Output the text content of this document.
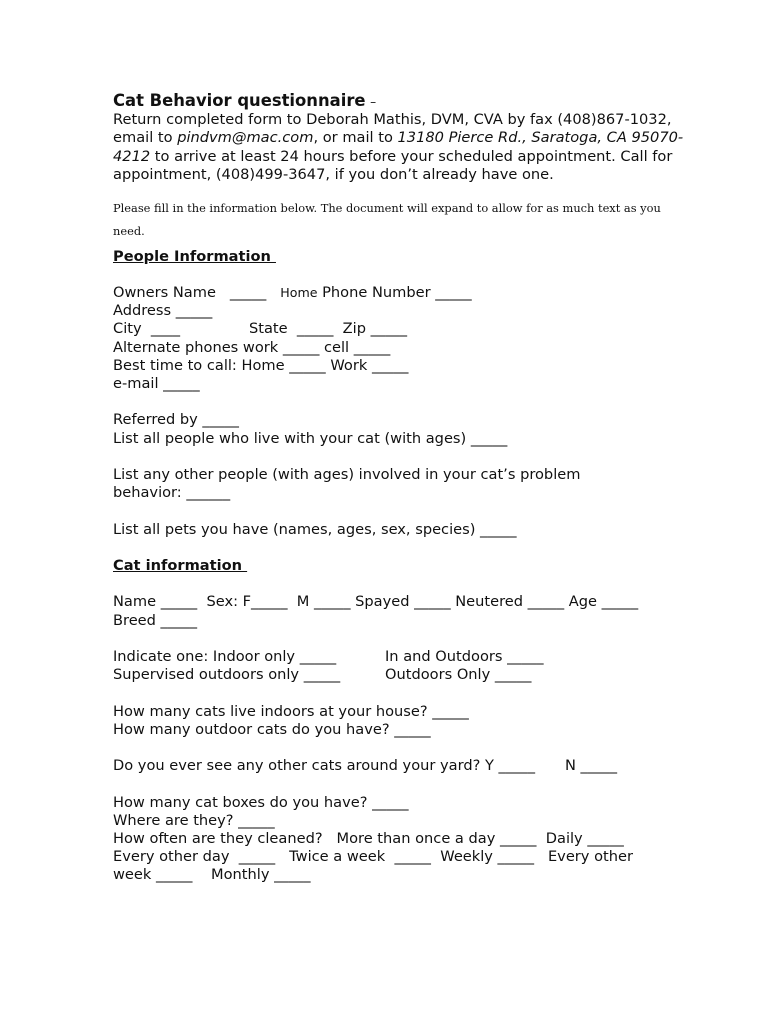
Cat Behavior questionnaire –

Return completed form to Deborah Mathis, DVM, CVA by fax (408)867-1032, email to pindvm@mac.com, or mail to 13180 Pierce Rd., Saratoga, CA 95070-4212 to arrive at least 24 hours before your scheduled appointment. Call for appointment, (408)499-3647, if you don’t already have one.

Please fill in the information below. The document will expand to allow for as much text as you need.

People Information

Owners Name   _____ Home Phone Number _____

Address _____

City  ____	State  _____  Zip _____

Alternate phones work _____ cell _____

Best time to call: Home _____ Work _____

e-mail _____

Referred by _____

List all people who live with your cat (with ages) _____

List any other people (with ages) involved in your cat’s problem

behavior: ______

List all pets you have (names, ages, sex, species) _____

Cat information

Name _____  Sex: F_____  M _____ Spayed _____ Neutered _____ Age _____

Breed _____

Indicate one: Indoor only _____	In and Outdoors _____

Supervised outdoors only _____	Outdoors Only _____

How many cats live indoors at your house? _____

How many outdoor cats do you have? _____

Do you ever see any other cats around your yard? Y _____ N _____

How many cat boxes do you have? _____

Where are they? _____

How often are they cleaned?   More than once a day _____  Daily _____

Every other day  _____   Twice a week  _____  Weekly _____   Every other

week _____    Monthly _____
